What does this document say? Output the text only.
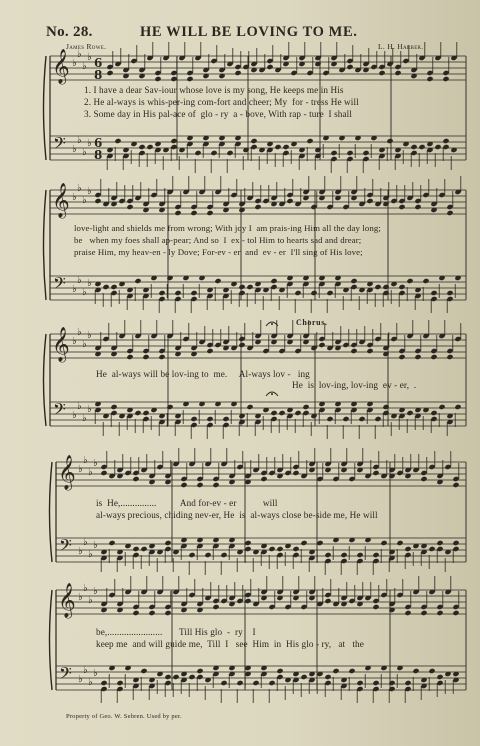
No. 28.	HE WILL BE LOVING TO ME.
James Rowe.	L. H. Harber.
𝄞
𝄢
♭
♭
♭
♭
♭
♭
♭
♭
6
8
6
8
𝄞
𝄢
♭
♭
♭
♭
♭
♭
♭
♭
𝄞
𝄢
♭
♭
♭
♭
♭
♭
♭
♭
𝄞
𝄢
♭
♭
♭
♭
♭
♭
♭
♭
𝄞
𝄢
♭
♭
♭
♭
♭
♭
♭
♭
1. I have a dear Sav-iour whose love is my song, He keeps me in His
2. He al-ways is whis-per-ing com-fort and cheer; My  for - tress He will
3. Some day in His pal-ace of  glo - ry  a - bove, With rap - ture  I shall
love-light and shields me from wrong; With joy I  am prais-ing Him all the day long;
be   when my foes shall ap-pear; And so  I  ex - tol Him to hearts sad and drear;
praise Him, my heav-en - ly Dove; For-ev - er  and  ev - er  I'll sing of His love;
Chorus.
He  al-ways will be lov-ing to  me.     Al-ways lov -   ing
He  is  lov-ing, lov-ing  ev - er,  .
is  He,...............          And for-ev - er           will
al-ways precious, chiding nev-er, He  is  al-ways close be-side me, He will
be,.......................       Till His glo  -  ry    I
keep me  and will guide me,  Till  I   see  Him  in  His glo - ry,   at   the
Property of Geo. W. Sebren. Used by per.
